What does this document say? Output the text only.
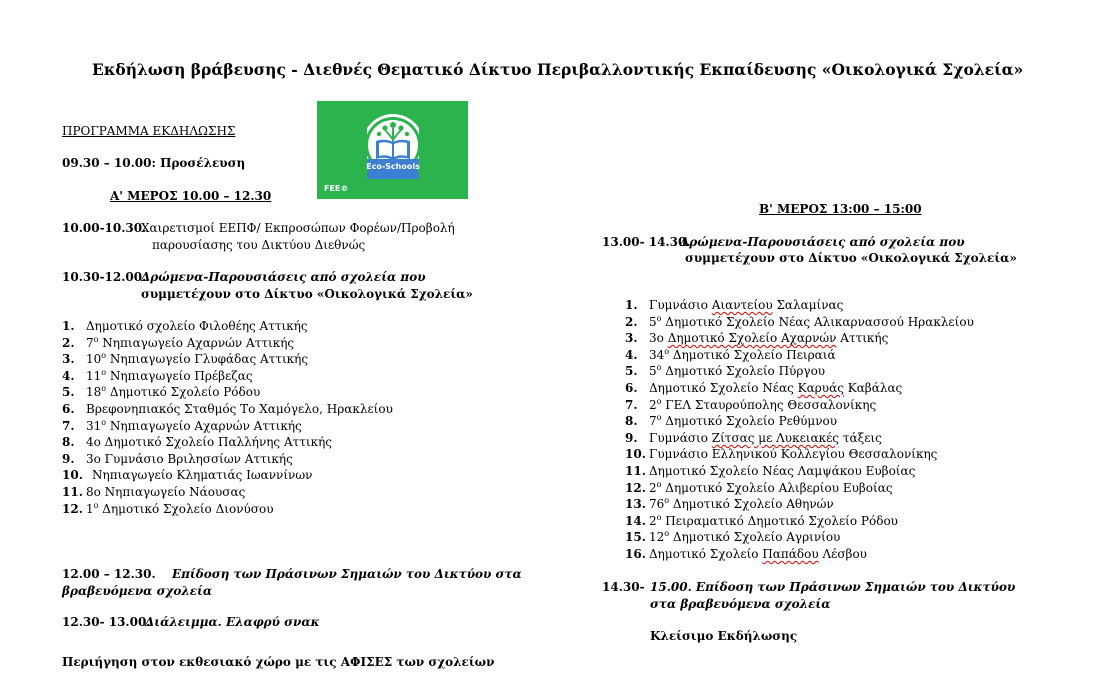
Εκδήλωση βράβευσης - Διεθνές Θεματικό Δίκτυο Περιβαλλοντικής Εκπαίδευσης «Οικολογικά Σχολεία»
Eco-Schools
FEE®
ΠΡΟΓΡΑΜΜΑ ΕΚΔΗΛΩΣΗΣ
09.30 – 10.00: Προσέλευση
Α' ΜΕΡΟΣ 10.00 – 12.30
10.00-10.30.
Χαιρετισμοί ΕΕΠΦ/ Εκπροσώπων Φορέων/Προβολή
παρουσίασης του Δικτύου Διεθνώς
10.30-12.00.
Δρώμενα-Παρουσιάσεις από σχολεία που
συμμετέχουν στο Δίκτυο «Οικολογικά Σχολεία»
1. Δημοτικό σχολείο Φιλοθέης Αττικής
2. $7^o$ Νηπιαγωγείο Αχαρνών Αττικής
3. $10^o$ Νηπιαγωγείο Γλυφάδας Αττικής
4. $11^o$ Νηπιαγωγείο Πρέβεζας
5. $18^o$ Δημοτικό Σχολείο Ρόδου
6. Βρεφονηπιακός Σταθμός Το Χαμόγελο, Ηρακλείου
7. $31^o$ Νηπιαγωγείο Αχαρνών Αττικής
8. 4ο Δημοτικό Σχολείο Παλλήνης Αττικής
9. 3ο Γυμνάσιο Βριλησσίων Αττικής
10. Νηπιαγωγείο Κληματιάς Ιωαννίνων
11. 8ο Νηπιαγωγείο Νάουσας
12. $1^o$ Δημοτικό Σχολείο Διονύσου
12.00 – 12.30. Επίδοση των Πράσινων Σημαιών του Δικτύου στα
βραβευόμενα σχολεία
12.30- 13.00.
Διάλειμμα. Ελαφρύ σνακ
Περιήγηση στον εκθεσιακό χώρο με τις ΑΦΙΣΕΣ των σχολείων
Β' ΜΕΡΟΣ 13:00 – 15:00
13.00- 14.30.
Δρώμενα-Παρουσιάσεις από σχολεία που
συμμετέχουν στο Δίκτυο «Οικολογικά Σχολεία»
1. Γυμνάσιο Αιαντείου Σαλαμίνας
2. $5^o$ Δημοτικό Σχολείο Νέας Αλικαρνασσού Ηρακλείου
3. 3ο Δημοτικό Σχολείο Αχαρνών Αττικής
4. $34^o$ Δημοτικό Σχολείο Πειραιά
5. $5^o$ Δημοτικό Σχολείο Πύργου
6. Δημοτικό Σχολείο Νέας Καρυάς Καβάλας
7. $2^o$ ΓΕΛ Σταυρούπολης Θεσσαλονίκης
8. $7^o$ Δημοτικό Σχολείο Ρεθύμνου
9. Γυμνάσιο Ζίτσας με Λυκειακές τάξεις
10. Γυμνάσιο Ελληνικού Κολλεγίου Θεσσαλονίκης
11. Δημοτικό Σχολείο Νέας Λαμψάκου Ευβοίας
12. $2^o$ Δημοτικό Σχολείο Αλιβερίου Ευβοίας
13. $76^o$ Δημοτικό Σχολείο Αθηνών
14. $2^o$ Πειραματικό Δημοτικό Σχολείο Ρόδου
15. $12^o$ Δημοτικό Σχολείο Αγρινίου
16. Δημοτικό Σχολείο Παπάδου Λέσβου
14.30- 15.00. Επίδοση των Πράσινων Σημαιών του Δικτύου
στα βραβευόμενα σχολεία
Κλείσιμο Εκδήλωσης
